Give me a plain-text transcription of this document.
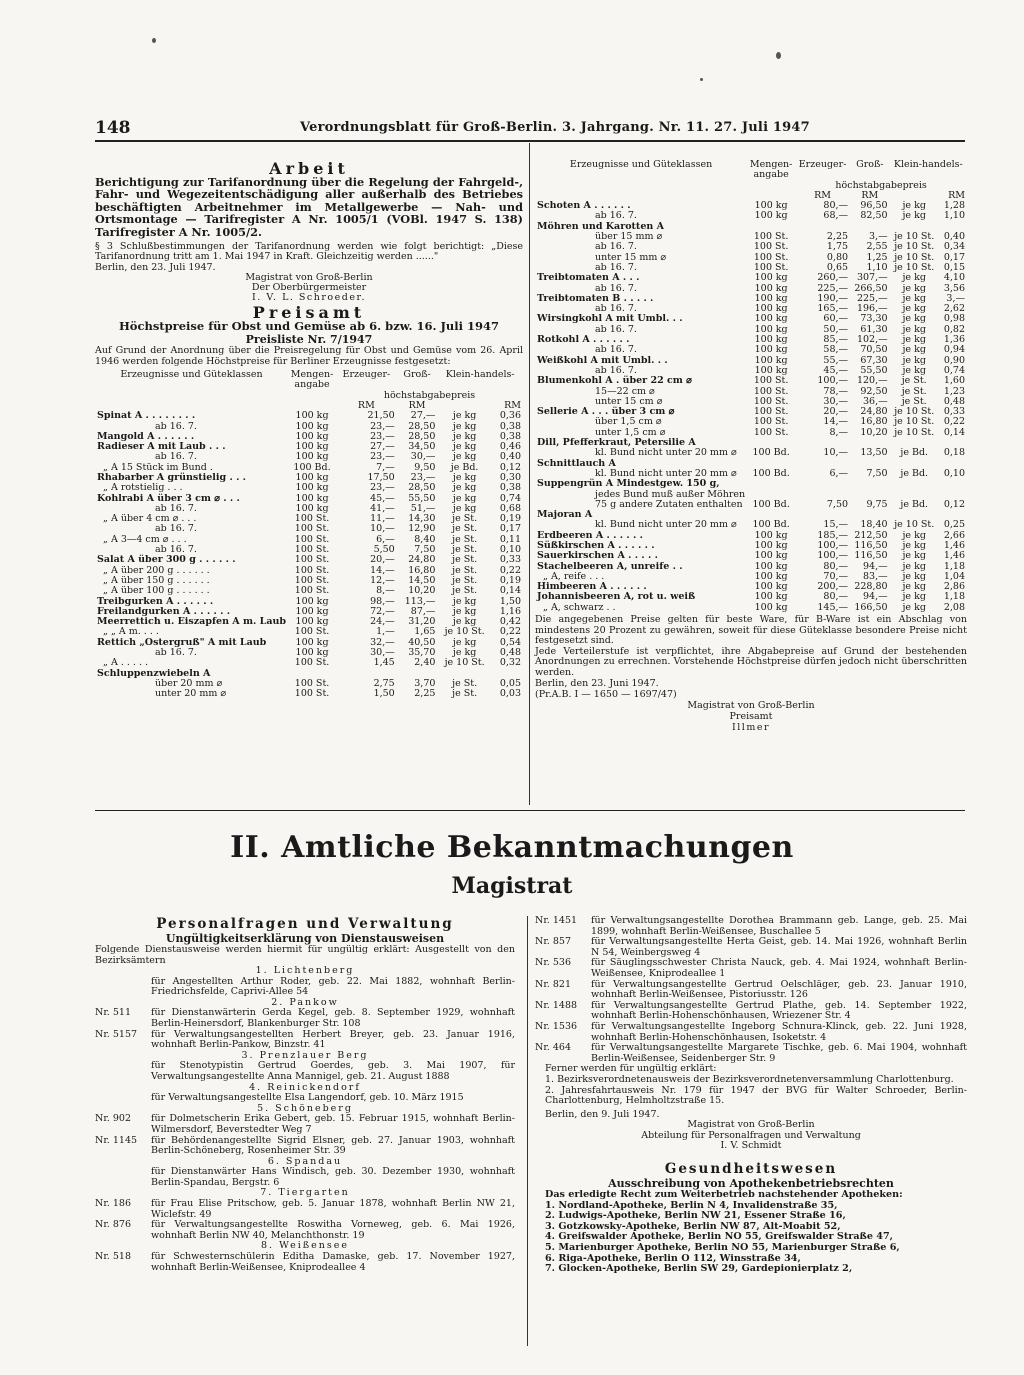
148	Verordnungsblatt für Groß-Berlin. 3. Jahrgang. Nr. 11. 27. Juli 1947
Arbeit

Berichtigung zur Tarifanordnung über die Regelung der Fahrgeld-, Fahr- und Wegezeitentschädigung aller außerhalb des Betriebes beschäftigten Arbeitnehmer im Metallgewerbe — Nah- und Ortsmontage — Tarifregister A Nr. 1005/1 (VOBl. 1947 S. 138) Tarifregister A Nr. 1005/2.

§ 3 Schlußbestimmungen der Tarifanordnung werden wie folgt berichtigt: „Diese Tarifanordnung tritt am 1. Mai 1947 in Kraft. Gleichzeitig werden ......"

Berlin, den 23. Juli 1947.

Magistrat von Groß-Berlin

Der Oberbürgermeister

I. V. L. Schroeder.

Preisamt

Höchstpreise für Obst und Gemüse ab 6. bzw. 16. Juli 1947

Preisliste Nr. 7/1947

Auf Grund der Anordnung über die Preisregelung für Obst und Gemüse vom 26. April 1946 werden folgende Höchstpreise für Berliner Erzeugnisse festgesetzt:

Erzeugnisse und Güteklassen	Mengen-angabe	Erzeuger-	Groß-	Klein-handels-	
		höchstabgabepreis			
		RM	RM		RM
Spinat A . . . . . . . .	100 kg	21,50	27,—	je kg	0,36
ab 16. 7.	100 kg	23,—	28,50	je kg	0,38
Mangold A . . . . . .	100 kg	23,—	28,50	je kg	0,38
Radieser A mit Laub . . .	100 kg	27,—	34,50	je kg	0,46
ab 16. 7.	100 kg	23,—	30,—	je kg	0,40
„ A 15 Stück im Bund .	100 Bd.	7,—	9,50	je Bd.	0,12
Rhabarber A grünstielig . . .	100 kg	17,50	23,—	je kg	0,30
„ A rotstielig . . .	100 kg	23,—	28,50	je kg	0,38
Kohlrabi A über 3 cm ⌀ . . .	100 kg	45,—	55,50	je kg	0,74
ab 16. 7.	100 kg	41,—	51,—	je kg	0,68
„ A über 4 cm ⌀ . . .	100 St.	11,—	14,30	je St.	0,19
ab 16. 7.	100 St.	10,—	12,90	je St.	0,17
„ A 3—4 cm ⌀ . . .	100 St.	6,—	8,40	je St.	0,11
ab 16. 7.	100 St.	5,50	7,50	je St.	0,10
Salat A über 300 g . . . . . .	100 St.	20,—	24,80	je St.	0,33
„ A über 200 g . . . . . .	100 St.	14,—	16,80	je St.	0,22
„ A über 150 g . . . . . .	100 St.	12,—	14,50	je St.	0,19
„ A über 100 g . . . . . .	100 St.	8,—	10,20	je St.	0,14
Treibgurken A . . . . . .	100 kg	98,—	113,—	je kg	1,50
Freilandgurken A . . . . . .	100 kg	72,—	87,—	je kg	1,16
Meerrettich u. Eiszapfen A m. Laub	100 kg	24,—	31,20	je kg	0,42
„ „ A m. . . .	100 St.	1,—	1,65	je 10 St.	0,22
Rettich „Ostergruß" A mit Laub	100 kg	32,—	40,50	je kg	0,54
ab 16. 7.	100 kg	30,—	35,70	je kg	0,48
„ A . . . . .	100 St.	1,45	2,40	je 10 St.	0,32
Schluppenzwiebeln A					
über 20 mm ⌀	100 St.	2,75	3,70	je St.	0,05
unter 20 mm ⌀	100 St.	1,50	2,25	je St.	0,03
Erzeugnisse und Güteklassen	Mengen-angabe	Erzeuger-	Groß-	Klein-handels-	
		höchstabgabepreis			
		RM	RM		RM
Schoten A . . . . . .	100 kg	80,—	96,50	je kg	1,28
ab 16. 7.	100 kg	68,—	82,50	je kg	1,10
Möhren und Karotten A					
über 15 mm ⌀	100 St.	2,25	3,—	je 10 St.	0,40
ab 16. 7.	100 St.	1,75	2,55	je 10 St.	0,34
unter 15 mm ⌀	100 St.	0,80	1,25	je 10 St.	0,17
ab 16. 7.	100 St.	0,65	1,10	je 10 St.	0,15
Treibtomaten A . . .	100 kg	260,—	307,—	je kg	4,10
ab 16. 7.	100 kg	225,—	266,50	je kg	3,56
Treibtomaten B . . . . .	100 kg	190,—	225,—	je kg	3,—
ab 16. 7.	100 kg	165,—	196,—	je kg	2,62
Wirsingkohl A mit Umbl. . .	100 kg	60,—	73,30	je kg	0,98
ab 16. 7.	100 kg	50,—	61,30	je kg	0,82
Rotkohl A . . . . . .	100 kg	85,—	102,—	je kg	1,36
ab 16. 7.	100 kg	58,—	70,50	je kg	0,94
Weißkohl A mit Umbl. . .	100 kg	55,—	67,30	je kg	0,90
ab 16. 7.	100 kg	45,—	55,50	je kg	0,74
Blumenkohl A . über 22 cm ⌀	100 St.	100,—	120,—	je St.	1,60
15—22 cm ⌀	100 St.	78,—	92,50	je St.	1,23
unter 15 cm ⌀	100 St.	30,—	36,—	je St.	0,48
Sellerie A . . . über 3 cm ⌀	100 St.	20,—	24,80	je 10 St.	0,33
über 1,5 cm ⌀	100 St.	14,—	16,80	je 10 St.	0,22
unter 1,5 cm ⌀	100 St.	8,—	10,20	je 10 St.	0,14
Dill, Pfefferkraut, Petersilie A					
kl. Bund nicht unter 20 mm ⌀	100 Bd.	10,—	13,50	je Bd.	0,18
Schnittlauch A					
kl. Bund nicht unter 20 mm ⌀	100 Bd.	6,—	7,50	je Bd.	0,10
Suppengrün A Mindestgew. 150 g,					
jedes Bund muß außer Möhren					
75 g andere Zutaten enthalten	100 Bd.	7,50	9,75	je Bd.	0,12
Majoran A					
kl. Bund nicht unter 20 mm ⌀	100 Bd.	15,—	18,40	je 10 St.	0,25
Erdbeeren A . . . . . .	100 kg	185,—	212,50	je kg	2,66
Süßkirschen A . . . . . .	100 kg	100,—	116,50	je kg	1,46
Sauerkirschen A . . . . .	100 kg	100,—	116,50	je kg	1,46
Stachelbeeren A, unreife . .	100 kg	80,—	94,—	je kg	1,18
„ A, reife . . .	100 kg	70,—	83,—	je kg	1,04
Himbeeren A . . . . . .	100 kg	200,—	228,80	je kg	2,86
Johannisbeeren A, rot u. weiß	100 kg	80,—	94,—	je kg	1,18
„ A, schwarz . .	100 kg	145,—	166,50	je kg	2,08

Die angegebenen Preise gelten für beste Ware, für B-Ware ist ein Abschlag von mindestens 20 Prozent zu gewähren, soweit für diese Güteklasse besondere Preise nicht festgesetzt sind.

Jede Verteilerstufe ist verpflichtet, ihre Abgabepreise auf Grund der bestehenden Anordnungen zu errechnen. Vorstehende Höchstpreise dürfen jedoch nicht überschritten werden.

Berlin, den 23. Juni 1947.

(Pr.A.B. I — 1650 — 1697/47)

Magistrat von Groß-Berlin

Preisamt

Illmer

II. Amtliche Bekanntmachungen
Magistrat
Personalfragen und Verwaltung

Ungültigkeitserklärung von Dienstausweisen

Folgende Dienstausweise werden hiermit für ungültig erklärt: Ausgestellt von den Bezirksämtern

1. Lichtenberg
für Angestellten Arthur Roder, geb. 22. Mai 1882, wohnhaft Berlin-Friedrichsfelde, Caprivi-Allee 54
2. Pankow
Nr. 511	für Dienstanwärterin Gerda Kegel, geb. 8. September 1929, wohnhaft Berlin-Heinersdorf, Blankenburger Str. 108
Nr. 5157	für Verwaltungsangestellten Herbert Breyer, geb. 23. Januar 1916, wohnhaft Berlin-Pankow, Binzstr. 41
3. Prenzlauer Berg
für Stenotypistin Gertrud Goerdes, geb. 3. Mai 1907, für Verwaltungsangestellte Anna Mannigel, geb. 21. August 1888
4. Reinickendorf
für Verwaltungsangestellte Elsa Langendorf, geb. 10. März 1915
5. Schöneberg
Nr. 902	für Dolmetscherin Erika Gebert, geb. 15. Februar 1915, wohnhaft Berlin-Wilmersdorf, Beverstedter Weg 7
Nr. 1145	für Behördenangestellte Sigrid Elsner, geb. 27. Januar 1903, wohnhaft Berlin-Schöneberg, Rosenheimer Str. 39
6. Spandau
für Dienstanwärter Hans Windisch, geb. 30. Dezember 1930, wohnhaft Berlin-Spandau, Bergstr. 6
7. Tiergarten
Nr. 186	für Frau Elise Pritschow, geb. 5. Januar 1878, wohnhaft Berlin NW 21, Wiclefstr. 49
Nr. 876	für Verwaltungsangestellte Roswitha Vorneweg, geb. 6. Mai 1926, wohnhaft Berlin NW 40, Melanchthonstr. 19
8. Weißensee
Nr. 518	für Schwesternschülerin Editha Damaske, geb. 17. November 1927, wohnhaft Berlin-Weißensee, Kniprodeallee 4
Nr. 1451	für Verwaltungsangestellte Dorothea Brammann geb. Lange, geb. 25. Mai 1899, wohnhaft Berlin-Weißensee, Buschallee 5
Nr. 857	für Verwaltungsangestellte Herta Geist, geb. 14. Mai 1926, wohnhaft Berlin N 54, Weinbergsweg 4
Nr. 536	für Säuglingsschwester Christa Nauck, geb. 4. Mai 1924, wohnhaft Berlin-Weißensee, Kniprodeallee 1
Nr. 821	für Verwaltungsangestellte Gertrud Oelschläger, geb. 23. Januar 1910, wohnhaft Berlin-Weißensee, Pistoriusstr. 126
Nr. 1488	für Verwaltungsangestellte Gertrud Plathe, geb. 14. September 1922, wohnhaft Berlin-Hohenschönhausen, Wriezener Str. 4
Nr. 1536	für Verwaltungsangestellte Ingeborg Schnura-Klinck, geb. 22. Juni 1928, wohnhaft Berlin-Hohenschönhausen, Isoketstr. 4
Nr. 464	für Verwaltungsangestellte Margarete Tischke, geb. 6. Mai 1904, wohnhaft Berlin-Weißensee, Seidenberger Str. 9

Ferner werden für ungültig erklärt:

1. Bezirksverordnetenausweis der Bezirksverordnetenversammlung Charlottenburg.

2. Jahresfahrtausweis Nr. 179 für 1947 der BVG für Walter Schroeder, Berlin-Charlottenburg, Helmholtzstraße 15.

Berlin, den 9. Juli 1947.

Magistrat von Groß-Berlin

Abteilung für Personalfragen und Verwaltung

I. V. Schmidt

Gesundheitswesen

Ausschreibung von Apothekenbetriebsrechten

Das erledigte Recht zum Weiterbetrieb nachstehender Apotheken:

1. Nordland-Apotheke, Berlin N 4, Invalidenstraße 35,

2. Ludwigs-Apotheke, Berlin NW 21, Essener Straße 16,

3. Gotzkowsky-Apotheke, Berlin NW 87, Alt-Moabit 52,

4. Greifswalder Apotheke, Berlin NO 55, Greifswalder Straße 47,

5. Marienburger Apotheke, Berlin NO 55, Marienburger Straße 6,

6. Riga-Apotheke, Berlin O 112, Winsstraße 34,

7. Glocken-Apotheke, Berlin SW 29, Gardepionierplatz 2,
